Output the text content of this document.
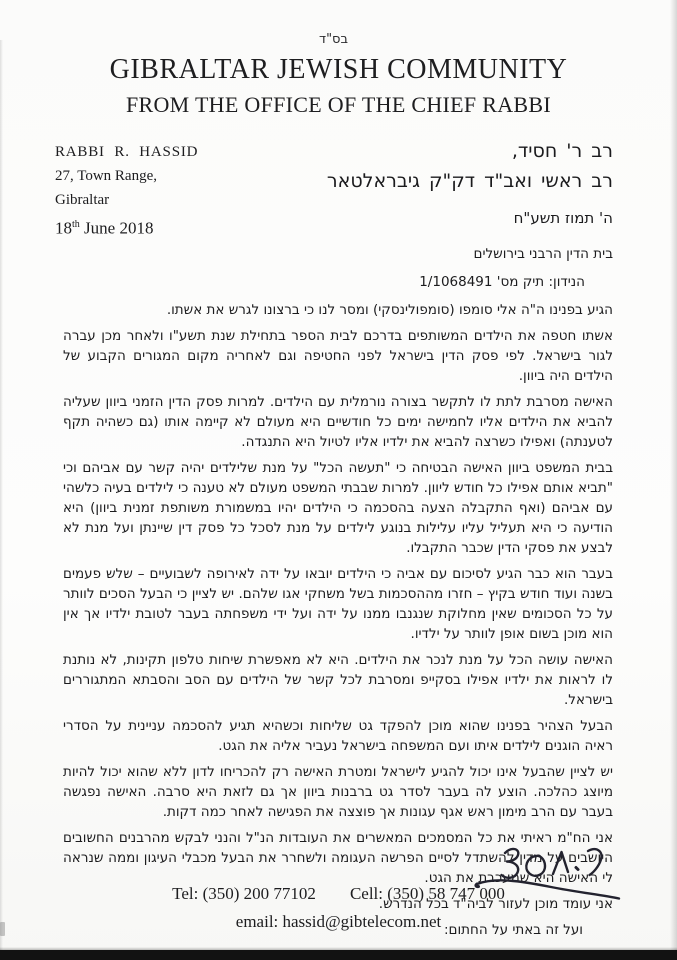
בס"ד
GIBRALTAR JEWISH COMMUNITY
FROM THE OFFICE OF THE CHIEF RABBI
RABBI R. HASSID
27, Town Range,
Gibraltar
18th June 2018
רב ר' חסיד,
רב ראשי ואב"ד דק"ק גיבראלטאר
ה' תמוז תשע"ח

בית הדין הרבני בירושלים

הנידון: תיק מס' 1/1068491

הגיע בפנינו ה"ה אלי סומפו (סומפולינסקי) ומסר לנו כי ברצונו לגרש את אשתו.

אשתו חטפה את הילדים המשותפים בדרכם לבית הספר בתחילת שנת תשע"ו ולאחר מכן עברה לגור בישראל. לפי פסק הדין בישראל לפני החטיפה וגם לאחריה מקום המגורים הקבוע של הילדים היה ביוון.

האישה מסרבת לתת לו לתקשר בצורה נורמלית עם הילדים. למרות פסק הדין הזמני ביוון שעליה להביא את הילדים אליו לחמישה ימים כל חודשיים היא מעולם לא קיימה אותו (גם כשהיה תקף לטענתה) ואפילו כשרצה להביא את ילדיו אליו לטיול היא התנגדה.

בבית המשפט ביוון האישה הבטיחה כי "תעשה הכל" על מנת שלילדים יהיה קשר עם אביהם וכי "תביא אותם אפילו כל חודש ליוון. למרות שבבתי המשפט מעולם לא טענה כי לילדים בעיה כלשהי עם אביהם (ואף התקבלה הצעה בהסכמה כי הילדים יהיו במשמורת משותפת זמנית ביוון) היא הודיעה כי היא תעליל עליו עלילות בנוגע לילדים על מנת לסכל כל פסק דין שיינתן ועל מנת לא לבצע את פסקי הדין שכבר התקבלו.

בעבר הוא כבר הגיע לסיכום עם אביה כי הילדים יובאו על ידה לאירופה לשבועיים – שלש פעמים בשנה ועוד חודש בקיץ – חזרו מההסכמות בשל משחקי אגו שלהם. יש לציין כי הבעל הסכים לוותר על כל הסכומים שאין מחלוקת שנגנבו ממנו על ידה ועל ידי משפחתה בעבר לטובת ילדיו אך אין הוא מוכן בשום אופן לוותר על ילדיו.

האישה עושה הכל על מנת לנכר את הילדים. היא לא מאפשרת שיחות טלפון תקינות, לא נותנת לו לראות את ילדיו אפילו בסקייפ ומסרבת לכל קשר של הילדים עם הסב והסבתא המתגוררים בישראל.

הבעל הצהיר בפנינו שהוא מוכן להפקד גט שליחות וכשהיא תגיע להסכמה עניינית על הסדרי ראיה הוגנים לילדים איתו ועם המשפחה בישראל נעביר אליה את הגט.

יש לציין שהבעל אינו יכול להגיע לישראל ומטרת האישה רק להכריחו לדון ללא שהוא יכול להיות מיוצג כהלכה. הוצע לה בעבר לסדר גט ברבנות ביוון אך גם לזאת היא סרבה. האישה נפגשה בעבר עם הרב מימון ראש אגף עגונות אך פוצצה את הפגישה לאחר כמה דקות.

אני הח"מ ראיתי את כל המסמכים המאשרים את העובדות הנ"ל והנני לבקש מהרבנים החשובים היושבים על מדין להשתדל לסיים הפרשה העגומה ולשחרר את הבעל מכבלי העיגון וממה שנראה לי האישה היא שמעכבת את הגט.

אני עומד מוכן לעזור לביה"ד בכל הנדרש.

ועל זה באתי על החתום:

Tel: (350) 200 77102 Cell: (350) 58 747 000
email: hassid@gibtelecom.net
